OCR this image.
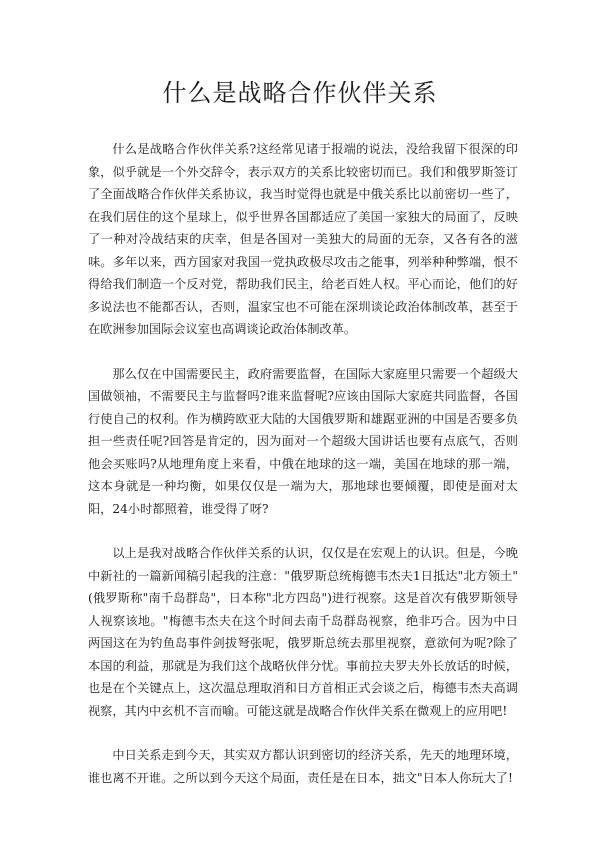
什么是战略合作伙伴关系

什么是战略合作伙伴关系?这经常见诸于报端的说法，没给我留下很深的印象，似乎就是一个外交辞令，表示双方的关系比较密切而已。我们和俄罗斯签订了全面战略合作伙伴关系协议，我当时觉得也就是中俄关系比以前密切一些了，在我们居住的这个星球上，似乎世界各国都适应了美国一家独大的局面了，反映了一种对冷战结束的庆幸，但是各国对一美独大的局面的无奈，又各有各的滋味。多年以来，西方国家对我国一党执政极尽攻击之能事，列举种种弊端，恨不得给我们制造一个反对党，帮助我们民主，给老百姓人权。平心而论，他们的好多说法也不能都否认，否则，温家宝也不可能在深圳谈论政治体制改革，甚至于在欧洲参加国际会议室也高调谈论政治体制改革。

那么仅在中国需要民主，政府需要监督，在国际大家庭里只需要一个超级大国做领袖，不需要民主与监督吗?谁来监督呢?应该由国际大家庭共同监督，各国行使自己的权利。作为横跨欧亚大陆的大国俄罗斯和雄踞亚洲的中国是否要多负担一些责任呢?回答是肯定的，因为面对一个超级大国讲话也要有点底气，否则他会买账吗?从地理角度上来看，中俄在地球的这一端，美国在地球的那一端，这本身就是一种均衡，如果仅仅是一端为大，那地球也要倾覆，即使是面对太阳，24小时都照着，谁受得了呀?

以上是我对战略合作伙伴关系的认识，仅仅是在宏观上的认识。但是，今晚中新社的一篇新闻稿引起我的注意："俄罗斯总统梅德韦杰夫1日抵达"北方领土"(俄罗斯称"南千岛群岛"，日本称"北方四岛")进行视察。这是首次有俄罗斯领导人视察该地。"梅德韦杰夫在这个时间去南千岛群岛视察，绝非巧合。因为中日两国这在为钓鱼岛事件剑拔弩张呢，俄罗斯总统去那里视察，意欲何为呢?除了本国的利益，那就是为我们这个战略伙伴分忧。事前拉夫罗夫外长放话的时候，也是在个关键点上，这次温总理取消和日方首相正式会谈之后，梅德韦杰夫高调视察，其内中玄机不言而喻。可能这就是战略合作伙伴关系在微观上的应用吧!

中日关系走到今天，其实双方都认识到密切的经济关系，先天的地理环境，谁也离不开谁。之所以到今天这个局面，责任是在日本，拙文"日本人你玩大了!
